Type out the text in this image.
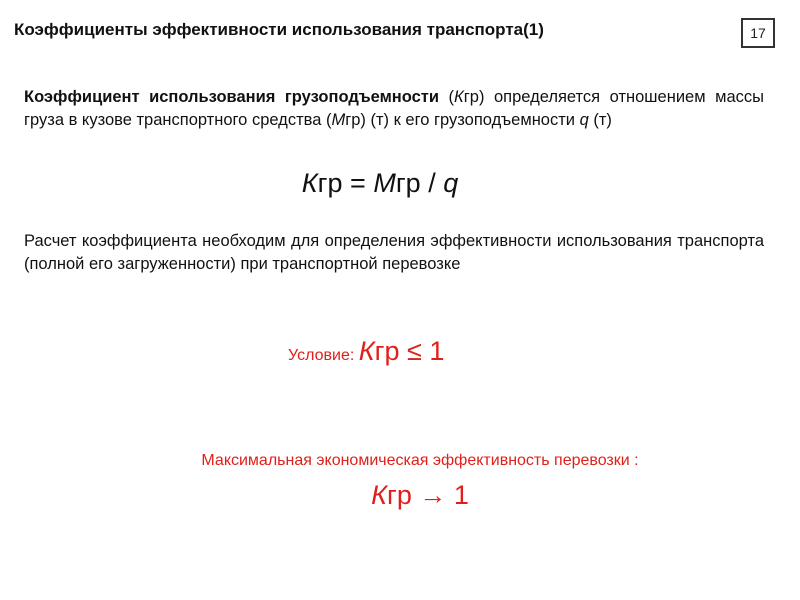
Коэффициенты эффективности использования транспорта(1)	17
Коэффициент использования грузоподъемности (Кгр) определяется отношением массы груза в кузове транспортного средства (Мгр) (т) к его грузоподъемности q (т)
Кгр = Мгр / q
Расчет коэффициента необходим для определения эффективности использования транспорта (полной его загруженности) при транспортной перевозке
Условие: Кгр ≤ 1
Максимальная экономическая эффективность перевозки :
Кгр → 1
